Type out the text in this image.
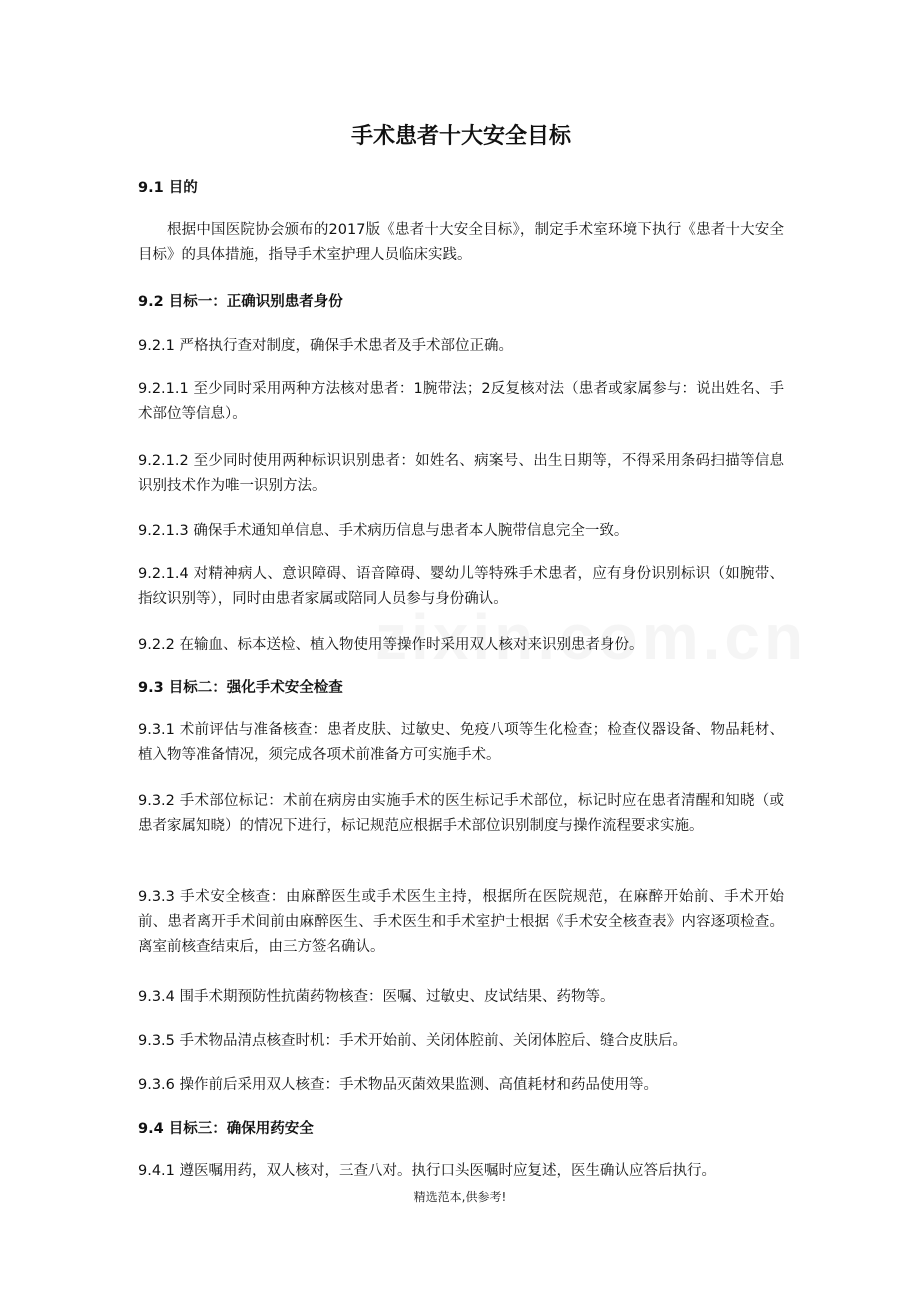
手术患者十大安全目标

9.1 目的

根据中国医院协会颁布的2017版《患者十大安全目标》，制定手术室环境下执行《患者十大安全目标》的具体措施，指导手术室护理人员临床实践。

9.2 目标一：正确识别患者身份

9.2.1 严格执行查对制度，确保手术患者及手术部位正确。

9.2.1.1 至少同时采用两种方法核对患者：1腕带法；2反复核对法（患者或家属参与：说出姓名、手术部位等信息）。

9.2.1.2 至少同时使用两种标识识别患者：如姓名、病案号、出生日期等，不得采用条码扫描等信息识别技术作为唯一识别方法。

9.2.1.3 确保手术通知单信息、手术病历信息与患者本人腕带信息完全一致。

9.2.1.4 对精神病人、意识障碍、语音障碍、婴幼儿等特殊手术患者，应有身份识别标识（如腕带、指纹识别等），同时由患者家属或陪同人员参与身份确认。

9.2.2 在输血、标本送检、植入物使用等操作时采用双人核对来识别患者身份。

9.3 目标二：强化手术安全检查

9.3.1 术前评估与准备核查：患者皮肤、过敏史、免疫八项等生化检查；检查仪器设备、物品耗材、植入物等准备情况，须完成各项术前准备方可实施手术。

9.3.2 手术部位标记：术前在病房由实施手术的医生标记手术部位，标记时应在患者清醒和知晓（或患者家属知晓）的情况下进行，标记规范应根据手术部位识别制度与操作流程要求实施。

9.3.3 手术安全核查：由麻醉医生或手术医生主持，根据所在医院规范，在麻醉开始前、手术开始前、患者离开手术间前由麻醉医生、手术医生和手术室护士根据《手术安全核查表》内容逐项检查。离室前核查结束后，由三方签名确认。

9.3.4 围手术期预防性抗菌药物核查：医嘱、过敏史、皮试结果、药物等。

9.3.5 手术物品清点核查时机：手术开始前、关闭体腔前、关闭体腔后、缝合皮肤后。

9.3.6 操作前后采用双人核查：手术物品灭菌效果监测、高值耗材和药品使用等。

9.4 目标三：确保用药安全

9.4.1 遵医嘱用药，双人核对，三查八对。执行口头医嘱时应复述，医生确认应答后执行。

精选范本,供参考!
